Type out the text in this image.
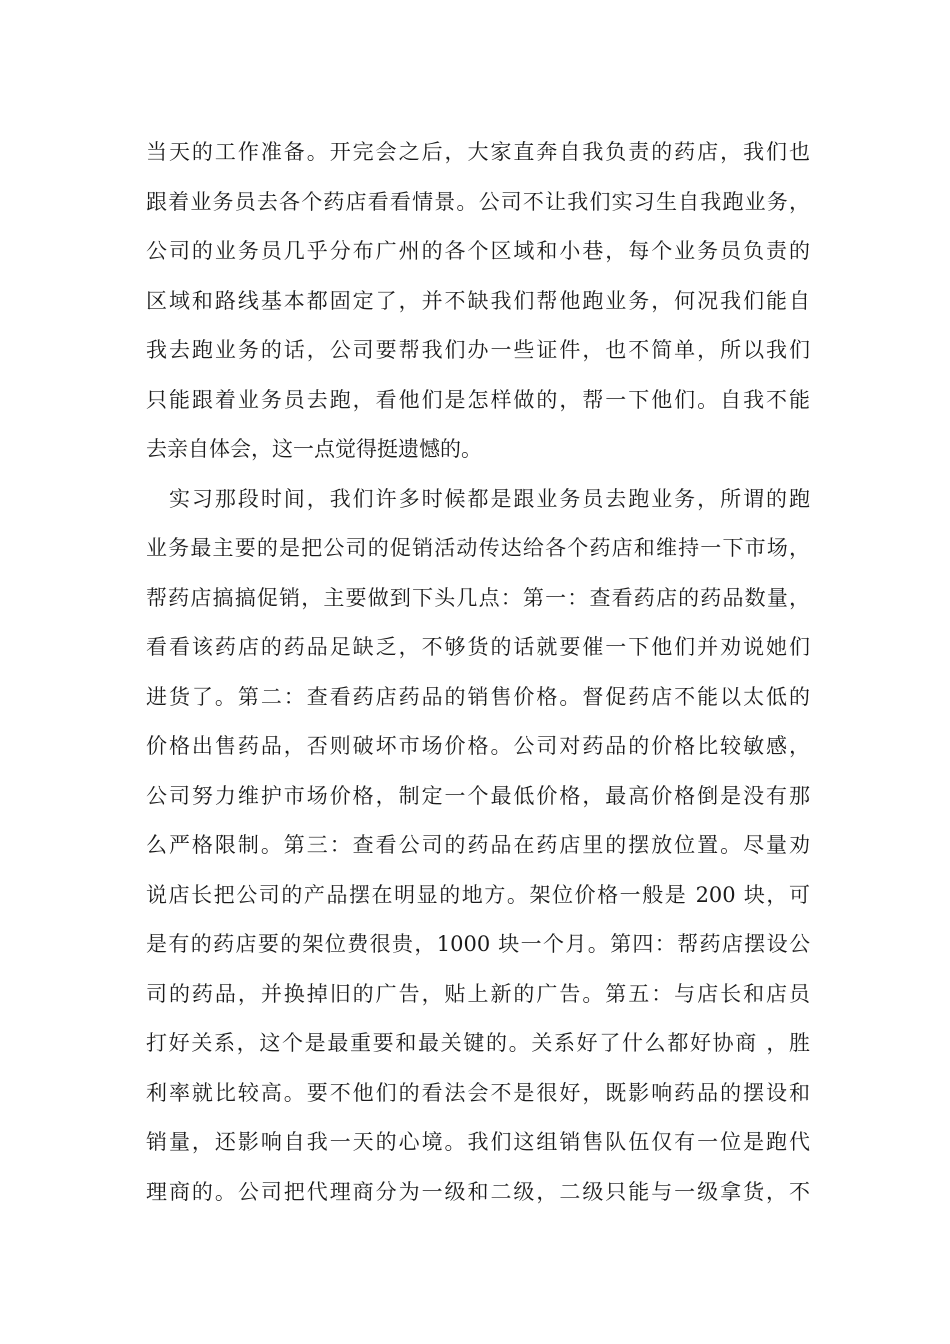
当天的工作准备。开完会之后，大家直奔自我负责的药店，我们也
跟着业务员去各个药店看看情景。公司不让我们实习生自我跑业务，
公司的业务员几乎分布广州的各个区域和小巷，每个业务员负责的
区域和路线基本都固定了，并不缺我们帮他跑业务，何况我们能自
我去跑业务的话，公司要帮我们办一些证件，也不简单，所以我们
只能跟着业务员去跑，看他们是怎样做的，帮一下他们。自我不能
去亲自体会，这一点觉得挺遗憾的。
　实习那段时间，我们许多时候都是跟业务员去跑业务，所谓的跑
业务最主要的是把公司的促销活动传达给各个药店和维持一下市场，
帮药店搞搞促销，主要做到下头几点：第一：查看药店的药品数量，
看看该药店的药品足缺乏，不够货的话就要催一下他们并劝说她们
进货了。第二：查看药店药品的销售价格。督促药店不能以太低的
价格出售药品，否则破坏市场价格。公司对药品的价格比较敏感，
公司努力维护市场价格，制定一个最低价格，最高价格倒是没有那
么严格限制。第三：查看公司的药品在药店里的摆放位置。尽量劝
说店长把公司的产品摆在明显的地方。架位价格一般是 200 块，可
是有的药店要的架位费很贵，1000 块一个月。第四：帮药店摆设公
司的药品，并换掉旧的广告，贴上新的广告。第五：与店长和店员
打好关系，这个是最重要和最关键的。关系好了什么都好协商 ，胜
利率就比较高。要不他们的看法会不是很好，既影响药品的摆设和
销量，还影响自我一天的心境。我们这组销售队伍仅有一位是跑代
理商的。公司把代理商分为一级和二级，二级只能与一级拿货，不
